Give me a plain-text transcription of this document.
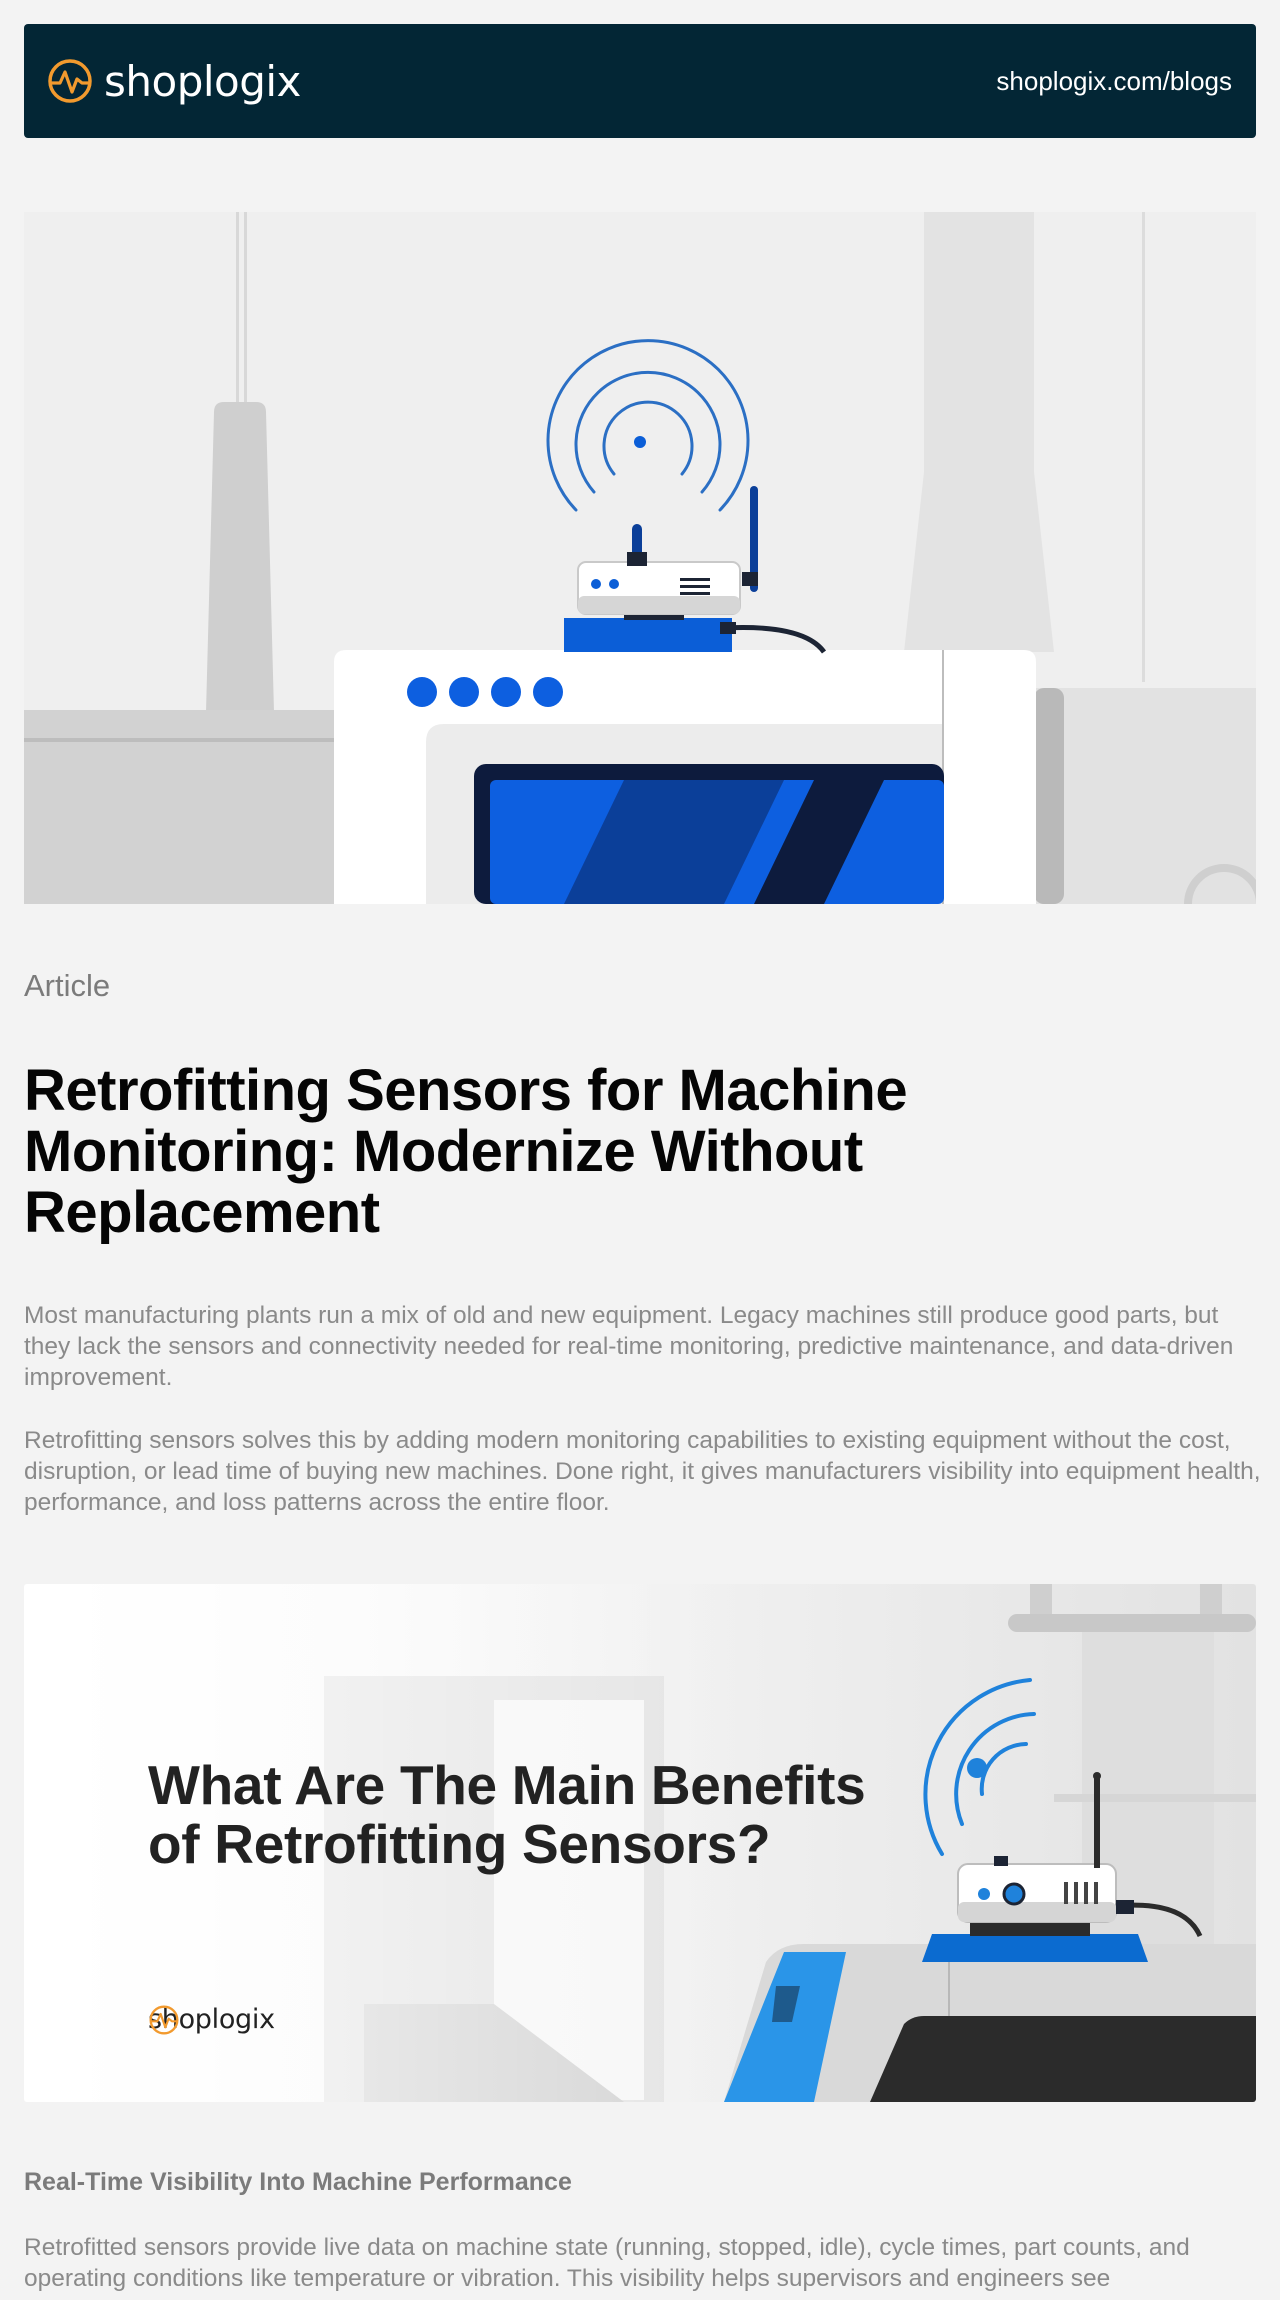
shoplogix	shoplogix.com/blogs
Article
Retrofitting Sensors for Machine Monitoring: Modernize Without Replacement

Most manufacturing plants run a mix of old and new equipment. Legacy machines still produce good parts, but they lack the sensors and connectivity needed for real-time monitoring, predictive maintenance, and data-driven improvement.

Retrofitting sensors solves this by adding modern monitoring capabilities to existing equipment without the cost, disruption, or lead time of buying new machines. Done right, it gives manufacturers visibility into equipment health, performance, and loss patterns across the entire floor.

What Are The Main Benefits of Retrofitting Sensors?
shoplogix
Real-Time Visibility Into Machine Performance

Retrofitted sensors provide live data on machine state (running, stopped, idle), cycle times, part counts, and operating conditions like temperature or vibration. This visibility helps supervisors and engineers see
